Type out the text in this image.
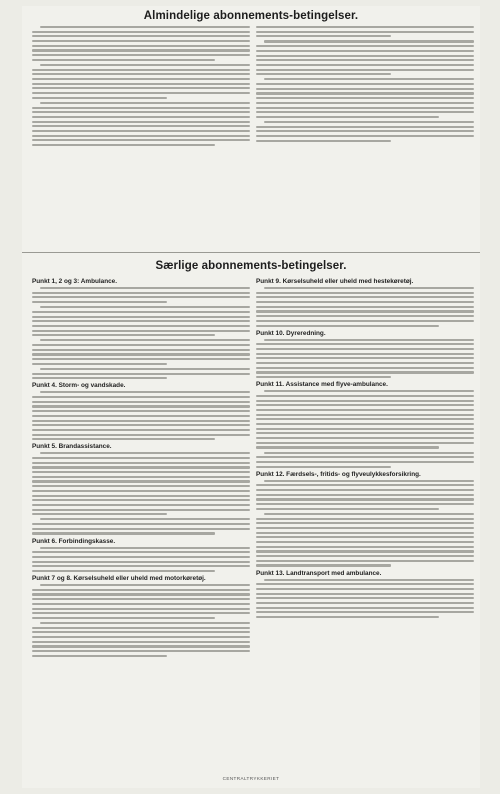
Almindelige abonnements-betingelser.
Særlige abonnements-betingelser.
Punkt 1, 2 og 3: Ambulance.
Punkt 4. Storm- og vandskade.
Punkt 5. Brandassistance.
Punkt 6. Forbindingskasse.
Punkt 7 og 8. Kørselsuheld eller uheld med motorkøretøj.
Punkt 9. Kørselsuheld eller uheld med hestekøretøj.
Punkt 10. Dyreredning.
Punkt 11. Assistance med flyve-ambulance.
Punkt 12. Færdsels-, fritids- og flyveulykkesforsikring.
Punkt 13. Landtransport med ambulance.
CENTRALTRYKKERIET
